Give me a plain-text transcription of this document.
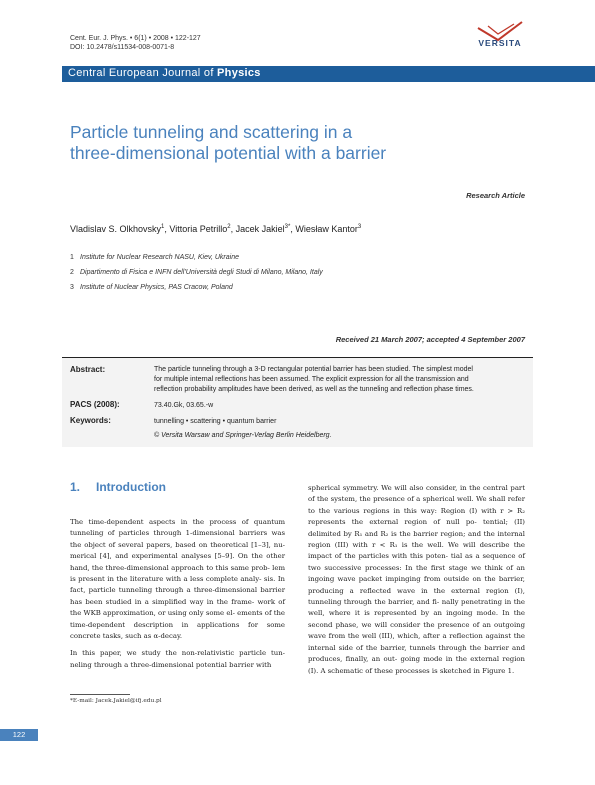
Cent. Eur. J. Phys. • 6(1) • 2008 • 122-127
DOI: 10.2478/s11534-008-0071-8	VERSITA
Central European Journal of Physics
Particle tunneling and scattering in a
three-dimensional potential with a barrier
Research Article
Vladislav S. Olkhovsky$^1$, Vittoria Petrillo$^2$, Jacek Jakiel$^{3*}$, Wiesław Kantor$^3$
1 Institute for Nuclear Research NASU, Kiev, Ukraine
2 Dipartimento di Fisica e INFN dell’Università degli Studi di Milano, Milano, Italy
3 Institute of Nuclear Physics, PAS Cracow, Poland
Received 21 March 2007; accepted 4 September 2007
Abstract:	The particle tunneling through a 3-D rectangular potential barrier has been studied. The simplest model
for multiple internal reflections has been assumed. The explicit expression for all the transmission and
reflection probability amplitudes have been derived, as well as the tunneling and reflection phase times.
PACS (2008):	73.40.Gk, 03.65.-w
Keywords:	tunnelling • scattering • quantum barrier
© Versita Warsaw and Springer-Verlag Berlin Heidelberg.
1. Introduction

The time-dependent aspects in the process of quantum tunneling of particles through 1-dimensional barriers was the object of several papers, based on theoretical [1–3], nu- merical [4], and experimental analyses [5–9]. On the other hand, the three-dimensional approach to this same prob- lem is present in the literature with a less complete analy- sis. In fact, particle tunneling through a three-dimensional barrier has been studied in a simplified way in the frame- work of the WKB approximation, or using only some el- ements of the time-dependent description in applications for some concrete tasks, such as α-decay.

In this paper, we study the non-relativistic particle tun- neling through a three-dimensional potential barrier with

spherical symmetry. We will also consider, in the central part of the system, the presence of a spherical well. We shall refer to the various regions in this way: Region (I) with r > R₂ represents the external region of null po- tential; (II) delimited by R₁ and R₂ is the barrier region; and the internal region (III) with r < R₁ is the well. We will describe the impact of the particles with this poten- tial as a sequence of two successive processes: In the first stage we think of an ingoing wave packet impinging from outside on the barrier, producing a reflected wave in the external region (I), tunneling through the barrier, and fi- nally penetrating in the well, where it is represented by an ingoing mode. In the second phase, we will consider the presence of an outgoing wave from the well (III), which, after a reflection against the internal side of the barrier, tunnels through the barrier and produces, finally, an out- going mode in the external region (I). A schematic of these processes is sketched in Figure 1.

*E-mail: Jacek.Jakiel@ifj.edu.pl
122
